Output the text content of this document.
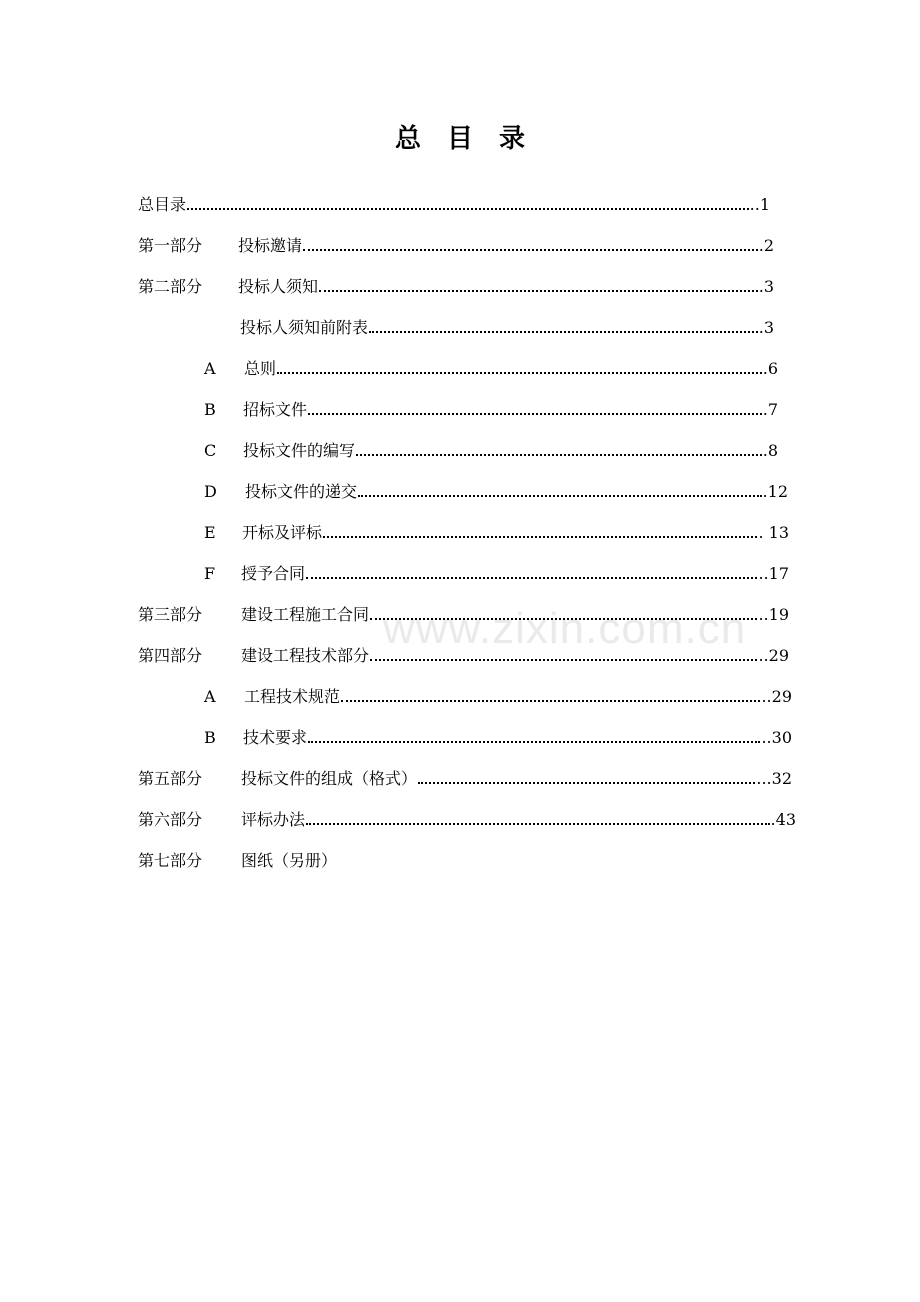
总 目 录
www.zixin.com.cn
总目录	..1
第一部分	投标邀请	.2
第二部分	投标人须知	.3
投标人须知前附表	.3
A	总则	.6
B	招标文件	.7
C	投标文件的编写	.8
D	投标文件的递交	.12
E	开标及评标	. 13
F	授予合同	..17
第三部分	建设工程施工合同	..19
第四部分	建设工程技术部分	..29
A	工程技术规范	..29
B	技术要求	..30
第五部分	投标文件的组成（格式）	...32
第六部分	评标办法	.43
第七部分	图纸（另册）
